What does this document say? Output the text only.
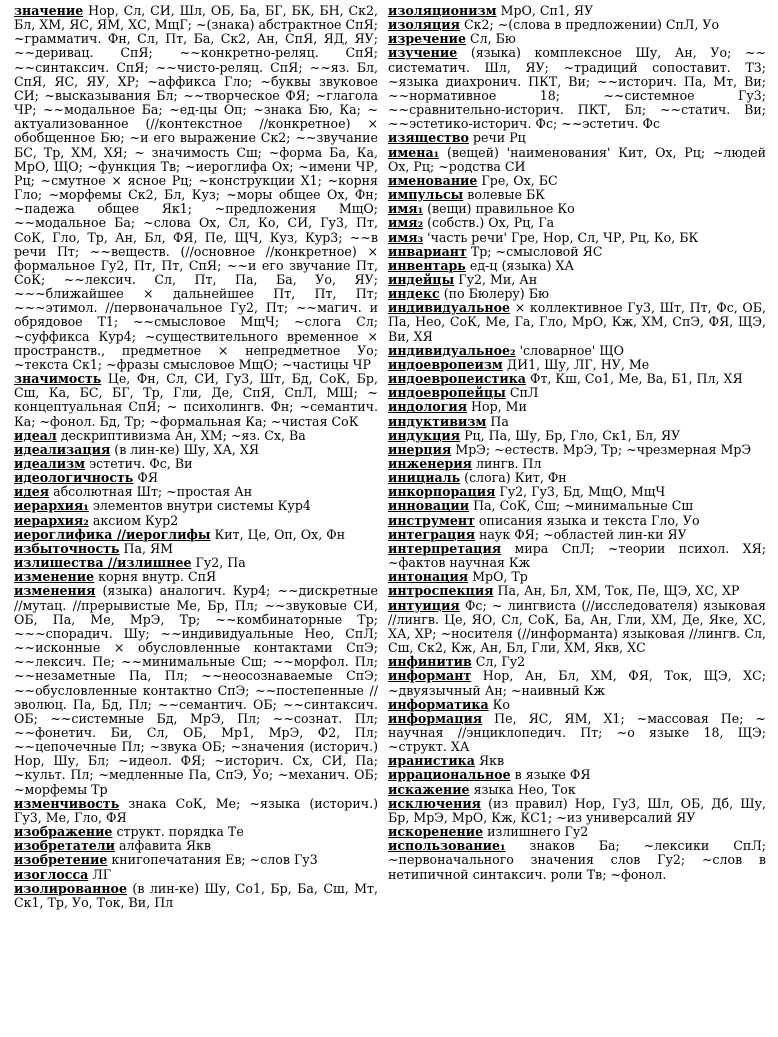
значение Нор, Сл, СИ, Шл, ОБ, Ба, БГ, БК, БН, Ск2, Бл, ХМ, ЯС, ЯМ, ХС, МщГ; ~(знака) абстрактное СпЯ; ~грамматич. Фн, Сл, Пт, Ба, Ск2, Ан, СпЯ, ЯД, ЯУ; ~~деривац. СпЯ; ~~конкретно-реляц. СпЯ; ~~синтаксич. СпЯ; ~~чисто-реляц. СпЯ; ~~яз. Бл, СпЯ, ЯС, ЯУ, ХР; ~аффикса Гло; ~буквы звуковое СИ; ~высказывания Бл; ~~творческое ФЯ; ~глагола ЧР; ~~модальное Ба; ~ед-цы Оп; ~знака Бю, Ка; ~ актуализованное (//контекстное //конкретное) × обобщенное Бю; ~и его выражение Ск2; ~~звучание БС, Тр, ХМ, ХЯ; ~ значимость Сш; ~форма Ба, Ка, МрО, ЩО; ~функция Тв; ~иероглифа Ох; ~имени ЧР, Рц; ~смутное × ясное Рц; ~конструкции Х1; ~корня Гло; ~морфемы Ск2, Бл, Куз; ~моры общее Ох, Фн; ~падежа общее Як1; ~предложения МщО; ~~модальное Ба; ~слова Ох, Сл, Ко, СИ, Гу3, Пт, СоК, Гло, Тр, Ан, Бл, ФЯ, Пе, ЩЧ, Куз, Кур3; ~~в речи Пт; ~~веществ. (//основное //конкретное) × формальное Гу2, Пт, Пт, СпЯ; ~~и его звучание Пт, СоК; ~~лексич. Сл, Пт, Па, Ба, Уо, ЯУ; ~~~ближайшее × дальнейшее Пт, Пт, Пт; ~~~этимол. //первоначальное Гу2, Пт; ~~магич. и обрядовое Т1; ~~смысловое МщЧ; ~слога Сл; ~суффикса Кур4; ~существительного временное × пространств., предметное × непредметное Уо; ~текста Ск1; ~фразы смысловое МщО; ~частицы ЧР
значимость Це, Фн, Сл, СИ, Гу3, Шт, Бд, СоК, Бр, Сш, Ка, БС, БГ, Тр, Гли, Де, СпЯ, СпЛ, МШ; ~ концептуальная СпЯ; ~ психолингв. Фн; ~семантич. Ка; ~фонол. Бд, Тр; ~формальная Ка; ~чистая СоК
идеал дескриптивизма Ан, ХМ; ~яз. Сх, Ва
идеализация (в лин-ке) Шу, ХА, ХЯ
идеализм эстетич. Фс, Ви
идеологичность ФЯ
идея абсолютная Шт; ~простая Ан
иерархия₁ элементов внутри системы Кур4
иерархия₂ аксиом Кур2
иероглифика //иероглифы Кит, Це, Оп, Ох, Фн
избыточность Па, ЯМ
излишества //излишнее Гу2, Па
изменение корня внутр. СпЯ
изменения (языка) аналогич. Кур4; ~~дискретные //мутац. //прерывистые Ме, Бр, Пл; ~~звуковые СИ, ОБ, Па, Ме, МрЭ, Тр; ~~комбинаторные Тр; ~~~спорадич. Шу; ~~индивидуальные Нео, СпЛ; ~~исконные × обусловленные контактами СпЭ; ~~лексич. Пе; ~~минимальные Сш; ~~морфол. Пл; ~~незаметные Па, Пл; ~~неосознаваемые СпЭ; ~~обусловленные контактно СпЭ; ~~постепенные //эволюц. Па, Бд, Пл; ~~семантич. ОБ; ~~синтаксич. ОБ; ~~системные Бд, МрЭ, Пл; ~~сознат. Пл; ~~фонетич. Би, Сл, ОБ, Мр1, МрЭ, Ф2, Пл; ~~цепочечные Пл; ~звука ОБ; ~значения (историч.) Нор, Шу, Бл; ~идеол. ФЯ; ~историч. Сх, СИ, Па; ~культ. Пл; ~медленные Па, СпЭ, Уо; ~механич. ОБ; ~морфемы Тр
изменчивость знака СоК, Ме; ~языка (историч.) Гу3, Ме, Гло, ФЯ
изображение структ. порядка Те
изобретатели алфавита Якв
изобретение книгопечатания Ев; ~слов Гу3
изоглосса ЛГ
изолированное (в лин-ке) Шу, Со1, Бр, Ба, Сш, Мт, Ск1, Тр, Уо, Ток, Ви, Пл
изоляционизм МрО, Сп1, ЯУ
изоляция Ск2; ~(слова в предложении) СпЛ, Уо
изречение Сл, Бю
изучение (языка) комплексное Шу, Ан, Уо; ~~ систематич. Шл, ЯУ; ~традиций сопоставит. Т3; ~языка диахронич. ПКТ, Ви; ~~историч. Па, Мт, Ви; ~~нормативное 18; ~~системное Гу3; ~~сравнительно-историч. ПКТ, Бл; ~~статич. Ви; ~~эстетико-историч. Фс; ~~эстетич. Фс
изящество речи Рц
имена₁ (вещей) 'наименования' Кит, Ох, Рц; ~людей Ох, Рц; ~родства СИ
именование Гре, Ох, БС
импульсы волевые БК
имя₁ (вещи) правильное Ко
имя₂ (собств.) Ох, Рц, Га
имя₃ 'часть речи' Гре, Нор, Сл, ЧР, Рц, Ко, БК
инвариант Тр; ~смысловой ЯС
инвентарь ед-ц (языка) ХА
индейцы Гу2, Ми, Ан
индекс (по Бюлеру) Бю
индивидуальное × коллективное Гу3, Шт, Пт, Фс, ОБ, Па, Нео, СоК, Ме, Га, Гло, МрО, Кж, ХМ, СпЭ, ФЯ, ЩЭ, Ви, ХЯ
индивидуальное₂ 'словарное' ЩО
индоевропеизм ДИ1, Шу, ЛГ, НУ, Ме
индоевропеистика Фт, Кш, Со1, Ме, Ва, Б1, Пл, ХЯ
индоевропейцы СпЛ
индология Нор, Ми
индуктивизм Па
индукция Рц, Па, Шу, Бр, Гло, Ск1, Бл, ЯУ
инерция МрЭ; ~естеств. МрЭ, Тр; ~чрезмерная МрЭ
инженерия лингв. Пл
инициаль (слога) Кит, Фн
инкорпорация Гу2, Гу3, Бд, МщО, МщЧ
инновации Па, СоК, Сш; ~минимальные Сш
инструмент описания языка и текста Гло, Уо
интеграция наук ФЯ; ~областей лин-ки ЯУ
интерпретация мира СпЛ; ~теории психол. ХЯ; ~фактов научная Кж
интонация МрО, Тр
интроспекция Па, Ан, Бл, ХМ, Ток, Пе, ЩЭ, ХС, ХР
интуиция Фс; ~ лингвиста (//исследователя) языковая //лингв. Це, ЯО, Сл, СоК, Ба, Ан, Гли, ХМ, Де, Яке, ХС, ХА, ХР; ~носителя (//информанта) языковая //лингв. Сл, Сш, Ск2, Кж, Ан, Бл, Гли, ХМ, Якв, ХС
инфинитив Сл, Гу2
информант Нор, Ан, Бл, ХМ, ФЯ, Ток, ЩЭ, ХС; ~двуязычный Ан; ~наивный Кж
информатика Ко
информация Пе, ЯС, ЯМ, Х1; ~массовая Пе; ~ научная //энциклопедич. Пт; ~о языке 18, ЩЭ; ~структ. ХА
иранистика Якв
иррациональное в языке ФЯ
искажение языка Нео, Ток
исключения (из правил) Нор, Гу3, Шл, ОБ, Дб, Шу, Бр, МрЭ, МрО, Кж, КС1; ~из универсалий ЯУ
искоренение излишнего Гу2
использование₁ знаков Ба; ~лексики СпЛ; ~первоначального значения слов Гу2; ~слов в нетипичной синтаксич. роли Тв; ~фонол.
